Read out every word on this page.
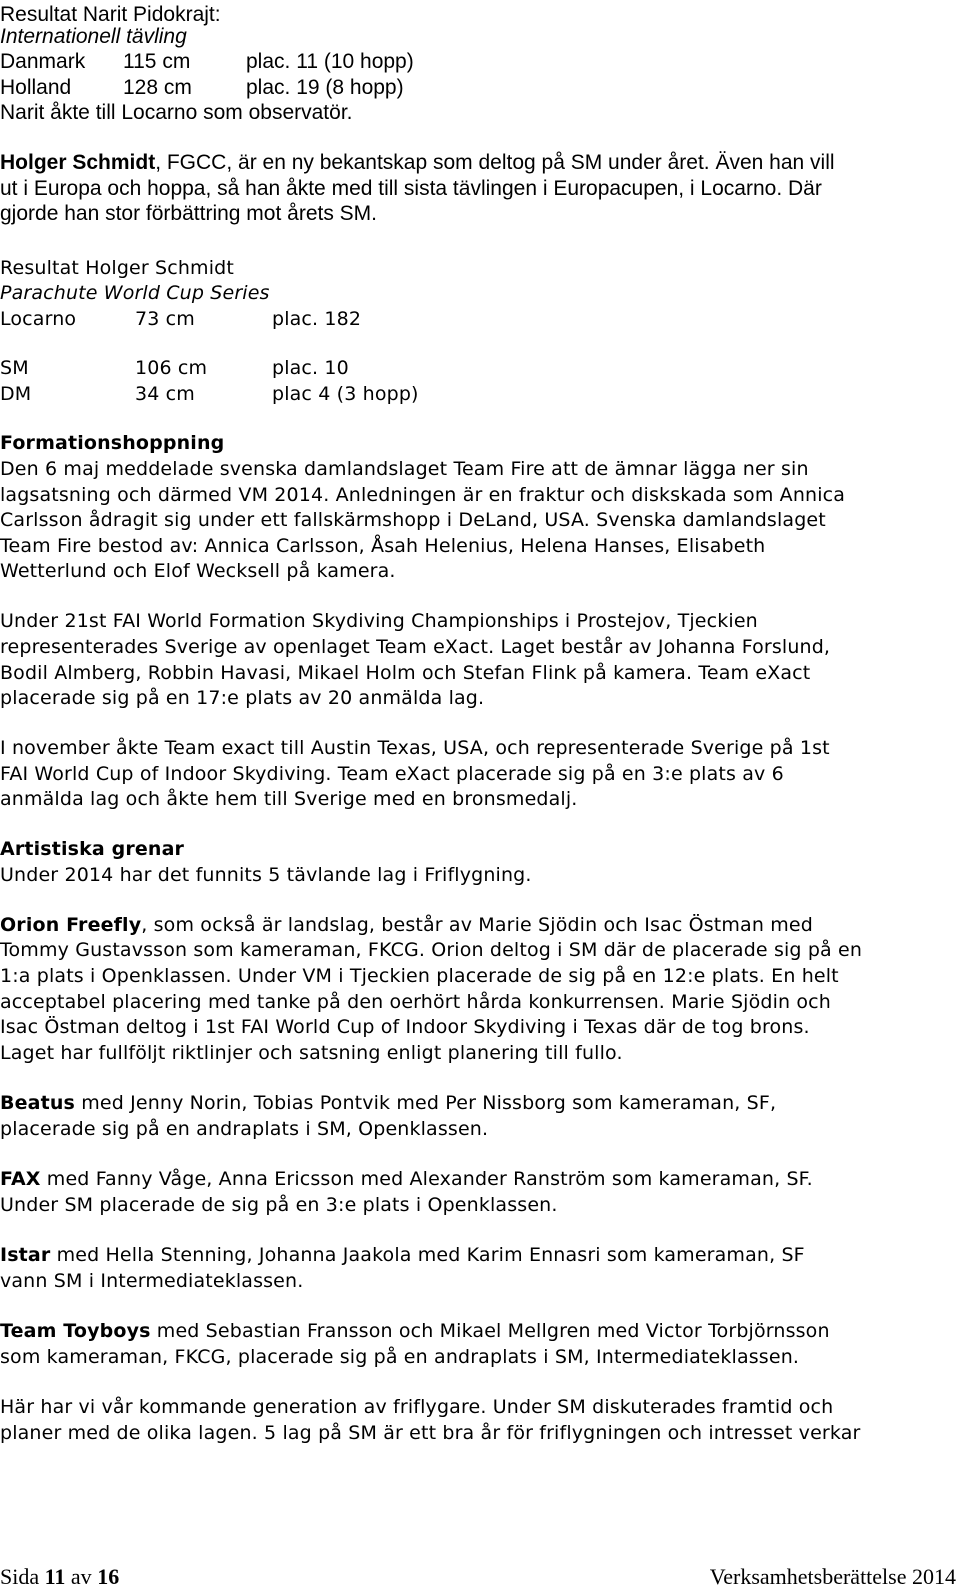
Resultat Narit Pidokrajt:
Internationell tävling
Danmark 115 cm	plac. 11 (10 hopp)
Holland 128 cm	plac. 19 (8 hopp)
Narit åkte till Locarno som observatör.
Holger Schmidt, FGCC, är en ny bekantskap som deltog på SM under året. Även han vill
ut i Europa och hoppa, så han åkte med till sista tävlingen i Europacupen, i Locarno. Där
gjorde han stor förbättring mot årets SM.
Resultat Holger Schmidt
Parachute World Cup Series
Locarno	73 cm	plac. 182
SM	106 cm	plac. 10
DM	34 cm	plac 4 (3 hopp)
Formationshoppning
Den 6 maj meddelade svenska damlandslaget Team Fire att de ämnar lägga ner sin
lagsatsning och därmed VM 2014. Anledningen är en fraktur och diskskada som Annica
Carlsson ådragit sig under ett fallskärmshopp i DeLand, USA. Svenska damlandslaget
Team Fire bestod av: Annica Carlsson, Åsah Helenius, Helena Hanses, Elisabeth
Wetterlund och Elof Wecksell på kamera.
Under 21st FAI World Formation Skydiving Championships i Prostejov, Tjeckien
representerades Sverige av openlaget Team eXact. Laget består av Johanna Forslund,
Bodil Almberg, Robbin Havasi, Mikael Holm och Stefan Flink på kamera. Team eXact
placerade sig på en 17:e plats av 20 anmälda lag.
I november åkte Team exact till Austin Texas, USA, och representerade Sverige på 1st
FAI World Cup of Indoor Skydiving. Team eXact placerade sig på en 3:e plats av 6
anmälda lag och åkte hem till Sverige med en bronsmedalj.
Artistiska grenar
Under 2014 har det funnits 5 tävlande lag i Friflygning.
Orion Freefly, som också är landslag, består av Marie Sjödin och Isac Östman med
Tommy Gustavsson som kameraman, FKCG. Orion deltog i SM där de placerade sig på en
1:a plats i Openklassen. Under VM i Tjeckien placerade de sig på en 12:e plats. En helt
acceptabel placering med tanke på den oerhört hårda konkurrensen. Marie Sjödin och
Isac Östman deltog i 1st FAI World Cup of Indoor Skydiving i Texas där de tog brons.
Laget har fullföljt riktlinjer och satsning enligt planering till fullo.
Beatus med Jenny Norin, Tobias Pontvik med Per Nissborg som kameraman, SF,
placerade sig på en andraplats i SM, Openklassen.
FAX med Fanny Våge, Anna Ericsson med Alexander Ranström som kameraman, SF.
Under SM placerade de sig på en 3:e plats i Openklassen.
Istar med Hella Stenning, Johanna Jaakola med Karim Ennasri som kameraman, SF
vann SM i Intermediateklassen.
Team Toyboys med Sebastian Fransson och Mikael Mellgren med Victor Torbjörnsson
som kameraman, FKCG, placerade sig på en andraplats i SM, Intermediateklassen.
Här har vi vår kommande generation av friflygare. Under SM diskuterades framtid och
planer med de olika lagen. 5 lag på SM är ett bra år för friflygningen och intresset verkar
Sida 11 av 16	Verksamhetsberättelse 2014
